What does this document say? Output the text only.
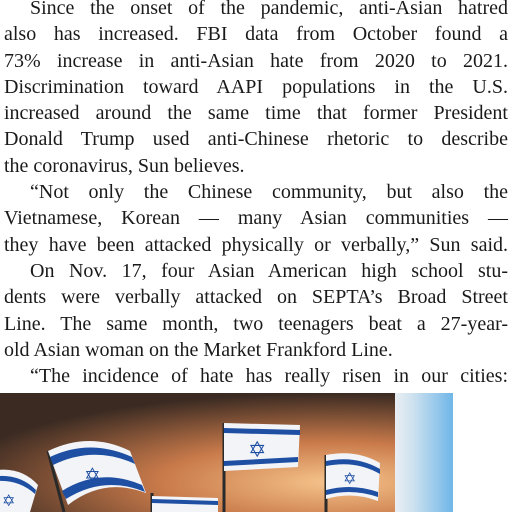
Since the onset of the pandemic, anti-Asian hatred
also has increased. FBI data from October found a
73% increase in anti-Asian hate from 2020 to 2021.
Discrimination toward AAPI populations in the U.S.
increased around the same time that former President
Donald Trump used anti-Chinese rhetoric to describe
the coronavirus, Sun believes.
“Not only the Chinese community, but also the
Vietnamese, Korean — many Asian communities —
they have been attacked physically or verbally,” Sun said.
On Nov. 17, four Asian American high school stu-
dents were verbally attacked on SEPTA’s Broad Street
Line. The same month, two teenagers beat a 27-year-
old Asian woman on the Market Frankford Line.
“The incidence of hate has really risen in our cities:
✡
✡
✡
✡
